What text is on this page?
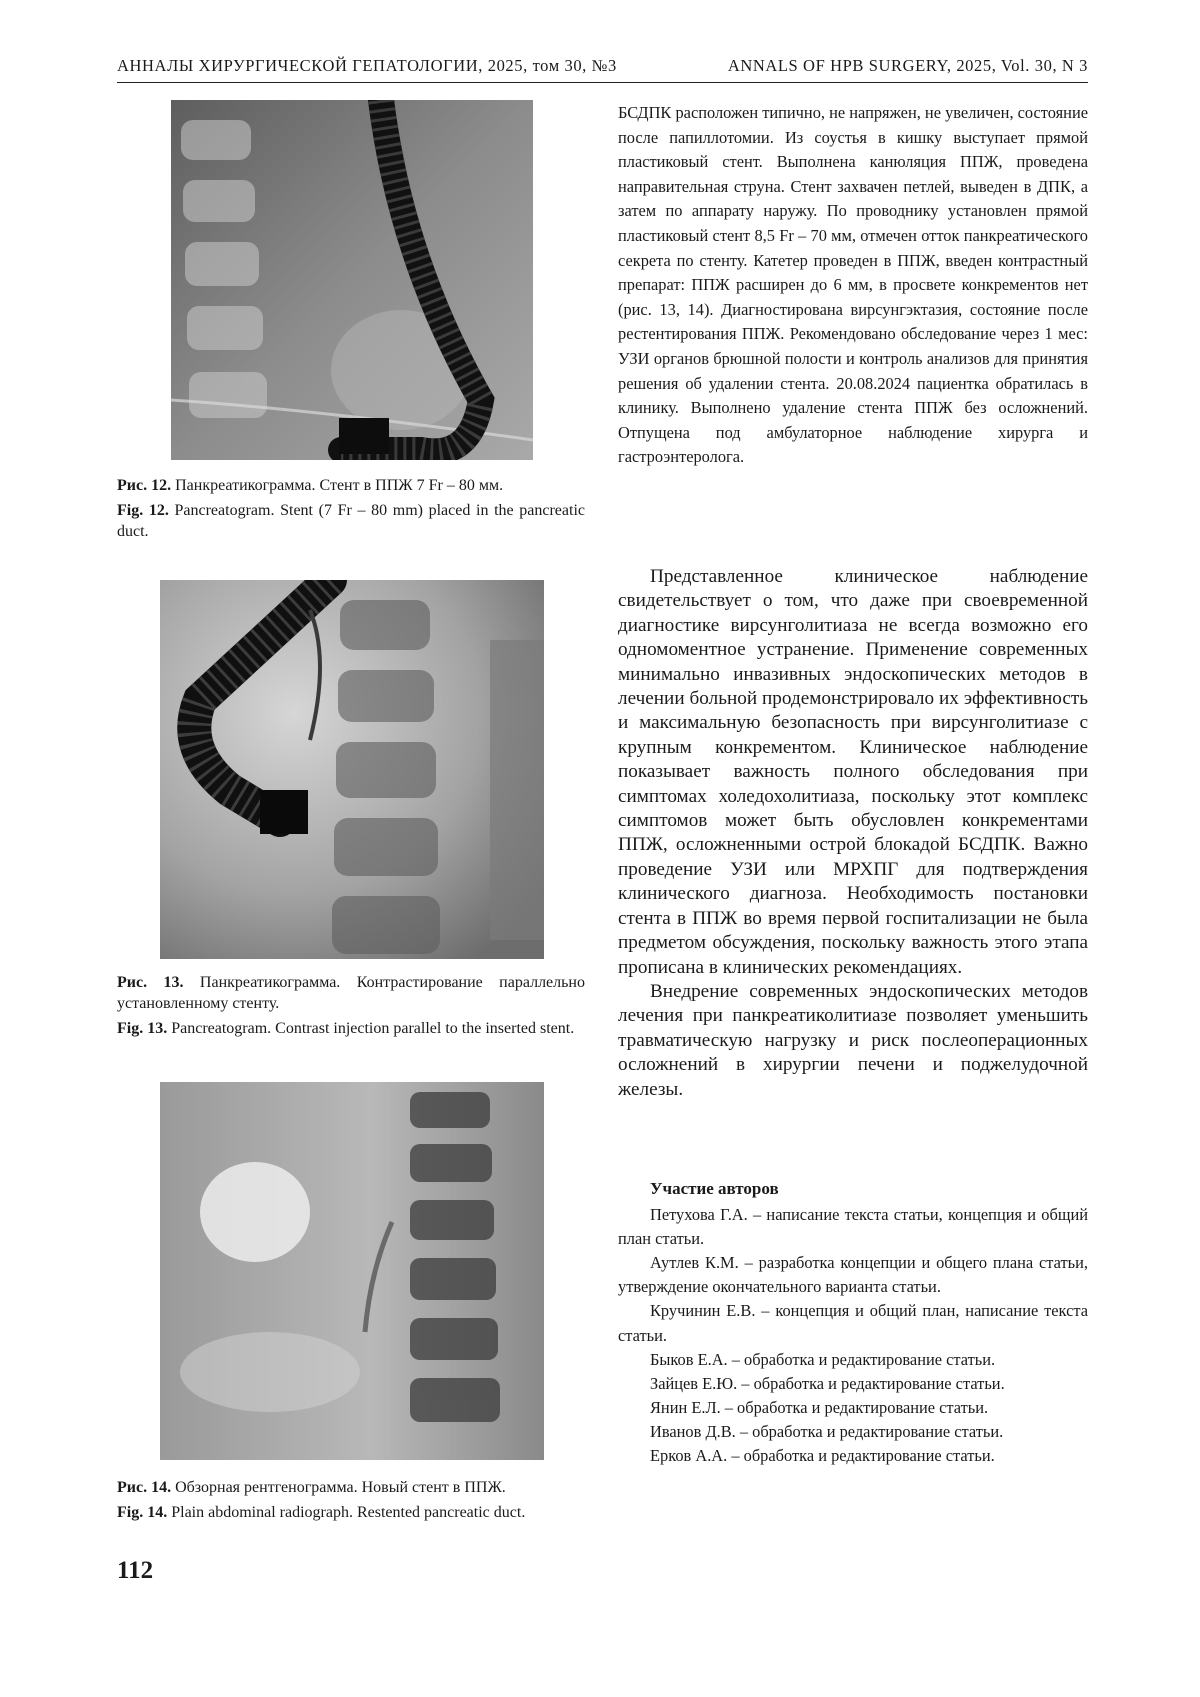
АННАЛЫ ХИРУРГИЧЕСКОЙ ГЕПАТОЛОГИИ, 2025, том 30, №3	ANNALS OF HPB SURGERY, 2025, Vol. 30, N 3

Рис. 12. Панкреатикограмма. Стент в ППЖ 7 Fr – 80 мм.

Fig. 12. Pancreatogram. Stent (7 Fr – 80 mm) placed in the pancreatic duct.

Рис. 13. Панкреатикограмма. Контрастирование параллельно установленному стенту.

Fig. 13. Pancreatogram. Contrast injection parallel to the inserted stent.

Рис. 14. Обзорная рентгенограмма. Новый стент в ППЖ.

Fig. 14. Plain abdominal radiograph. Restented pancreatic duct.

БСДПК расположен типично, не напряжен, не увеличен, состояние после папиллотомии. Из соустья в кишку выступает прямой пластиковый стент. Выполнена канюляция ППЖ, проведена направительная струна. Стент захвачен петлей, выведен в ДПК, а затем по аппарату наружу. По проводнику установлен прямой пластиковый стент 8,5 Fr – 70 мм, отмечен отток панкреатического секрета по стенту. Катетер проведен в ППЖ, введен контрастный препарат: ППЖ расширен до 6 мм, в просвете конкрементов нет (рис. 13, 14). Диагностирована вирсунгэктазия, состояние после рестентирования ППЖ. Рекомендовано обследование через 1 мес: УЗИ органов брюшной полости и контроль анализов для принятия решения об удалении стента. 20.08.2024 пациентка обратилась в клинику. Выполнено удаление стента ППЖ без осложнений. Отпущена под амбулаторное наблюдение хирурга и гастроэнтеролога.

Представленное клиническое наблюдение свидетельствует о том, что даже при своевременной диагностике вирсунголитиаза не всегда возможно его одномоментное устранение. Применение современных минимально инвазивных эндоскопических методов в лечении больной продемонстрировало их эффективность и максимальную безопасность при вирсунголитиазе с крупным конкрементом. Клиническое наблюдение показывает важность полного обследования при симптомах холедохолитиаза, поскольку этот комплекс симптомов может быть обусловлен конкрементами ППЖ, осложненными острой блокадой БСДПК. Важно проведение УЗИ или МРХПГ для подтверждения клинического диагноза. Необходимость постановки стента в ППЖ во время первой госпитализации не была предметом обсуждения, поскольку важность этого этапа прописана в клинических рекомендациях.

Внедрение современных эндоскопических методов лечения при панкреатиколитиазе позволяет уменьшить травматическую нагрузку и риск послеоперационных осложнений в хирургии печени и поджелудочной железы.

Участие авторов

Петухова Г.А. – написание текста статьи, концепция и общий план статьи.

Аутлев К.М. – разработка концепции и общего плана статьи, утверждение окончательного варианта статьи.

Кручинин Е.В. – концепция и общий план, написание текста статьи.

Быков Е.А. – обработка и редактирование статьи.

Зайцев Е.Ю. – обработка и редактирование статьи.

Янин Е.Л. – обработка и редактирование статьи.

Иванов Д.В. – обработка и редактирование статьи.

Ерков А.А. – обработка и редактирование статьи.

112
